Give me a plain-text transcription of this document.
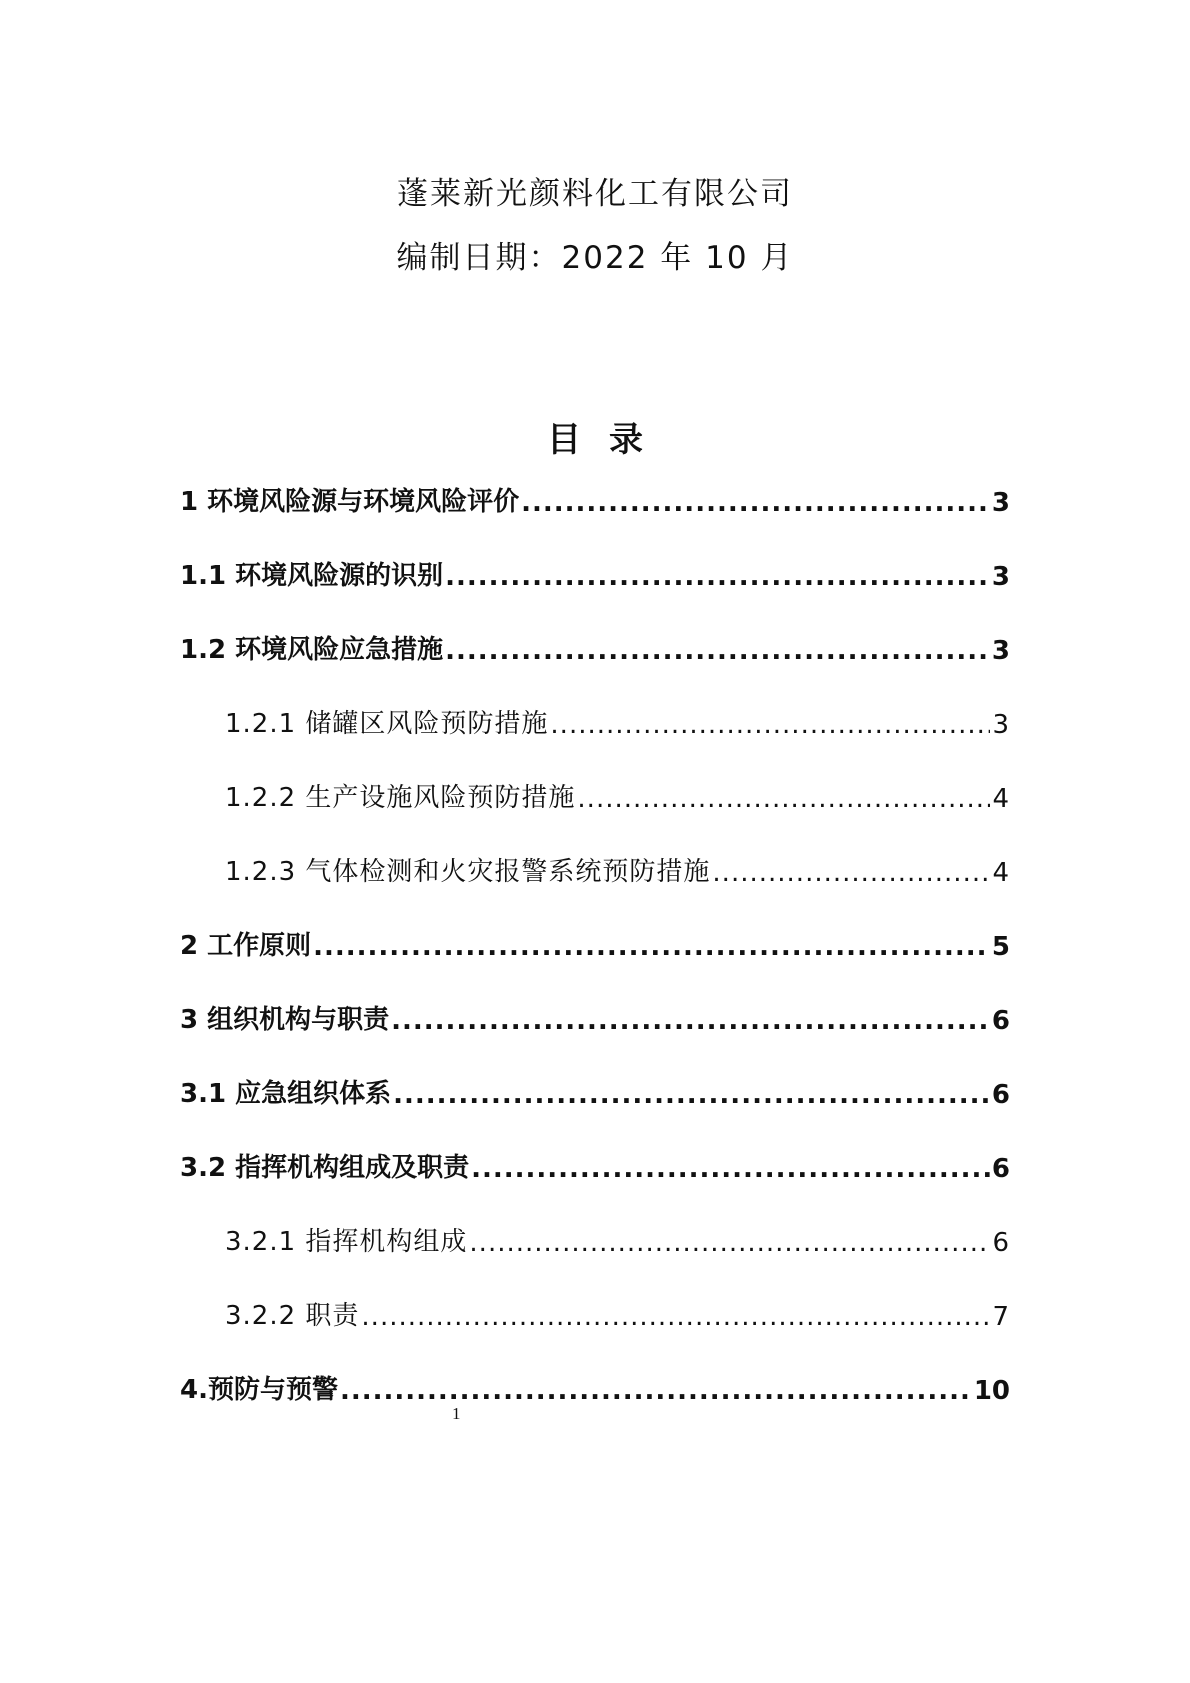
蓬莱新光颜料化工有限公司
编制日期：2022 年 10 月
目录
1 环境风险源与环境风险评价 .....	3
1.1 环境风险源的识别 .....	3
1.2 环境风险应急措施 .....	3
1.2.1 储罐区风险预防措施 .....	3
1.2.2 生产设施风险预防措施 .....	4
1.2.3 气体检测和火灾报警系统预防措施 .....	4
2 工作原则 .....	5
3 组织机构与职责 .....	6
3.1 应急组织体系 .....	6
3.2 指挥机构组成及职责 .....	6
3.2.1 指挥机构组成 .....	6
3.2.2 职责 .....	7
4.预防与预警 .....	10
1
